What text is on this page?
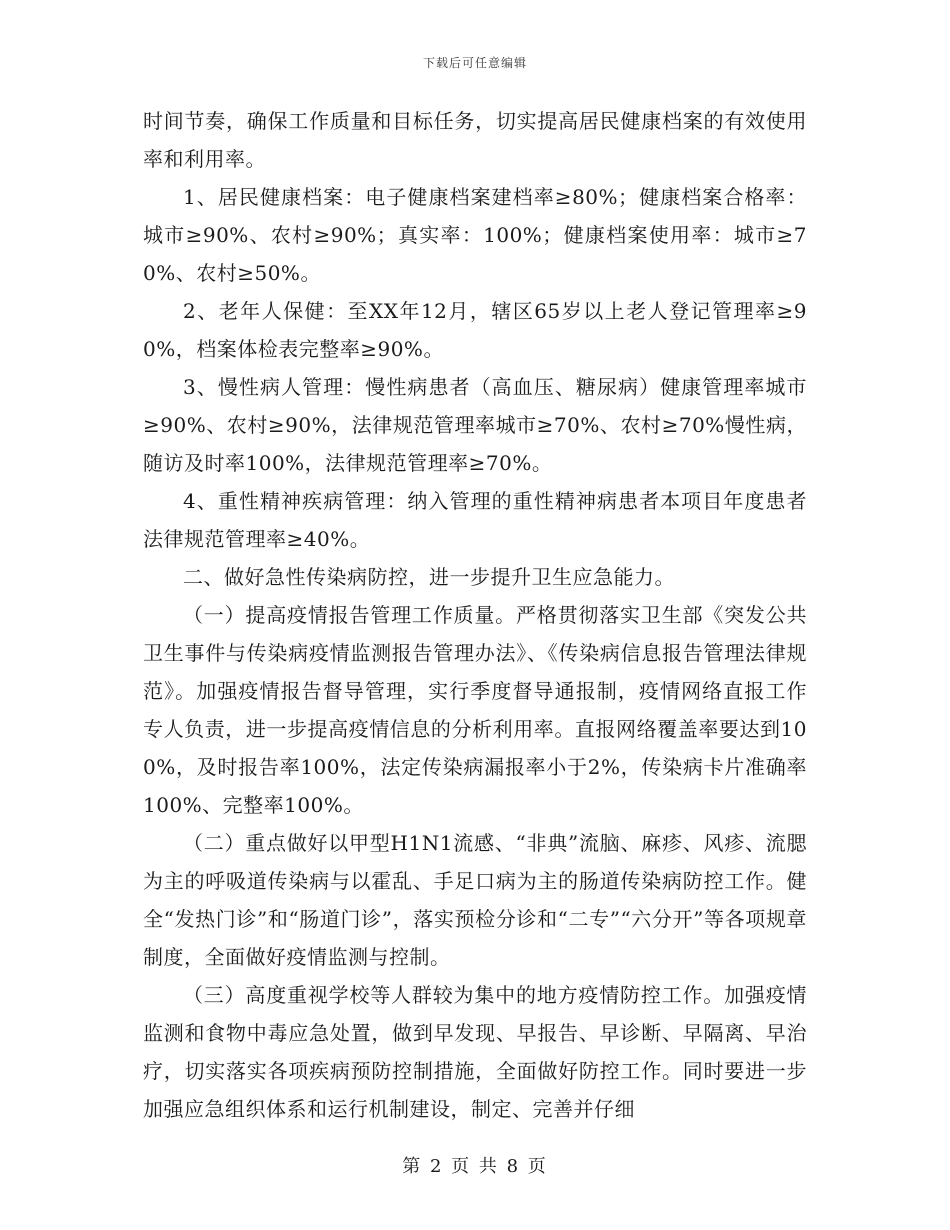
下载后可任意编辑

时间节奏，确保工作质量和目标任务，切实提高居民健康档案的有效使用率和利用率。

1、居民健康档案：电子健康档案建档率≥80%；健康档案合格率：城市≥90%、农村≥90%；真实率：100%；健康档案使用率：城市≥70%、农村≥50%。

2、老年人保健：至XX年12月，辖区65岁以上老人登记管理率≥90%，档案体检表完整率≥90%。

3、慢性病人管理：慢性病患者（高血压、糖尿病）健康管理率城市≥90%、农村≥90%，法律规范管理率城市≥70%、农村≥70%慢性病，随访及时率100%，法律规范管理率≥70%。

4、重性精神疾病管理：纳入管理的重性精神病患者本项目年度患者法律规范管理率≥40%。

二、做好急性传染病防控，进一步提升卫生应急能力。

（一）提高疫情报告管理工作质量。严格贯彻落实卫生部《突发公共卫生事件与传染病疫情监测报告管理办法》、《传染病信息报告管理法律规范》。加强疫情报告督导管理，实行季度督导通报制，疫情网络直报工作专人负责，进一步提高疫情信息的分析利用率。直报网络覆盖率要达到100%，及时报告率100%，法定传染病漏报率小于2%，传染病卡片准确率100%、完整率100%。

（二）重点做好以甲型H1N1流感、“非典”流脑、麻疹、风疹、流腮为主的呼吸道传染病与以霍乱、手足口病为主的肠道传染病防控工作。健全“发热门诊”和“肠道门诊”，落实预检分诊和“二专”“六分开”等各项规章制度，全面做好疫情监测与控制。

（三）高度重视学校等人群较为集中的地方疫情防控工作。加强疫情监测和食物中毒应急处置，做到早发现、早报告、早诊断、早隔离、早治疗，切实落实各项疾病预防控制措施，全面做好防控工作。同时要进一步加强应急组织体系和运行机制建设，制定、完善并仔细

第 2 页 共 8 页
